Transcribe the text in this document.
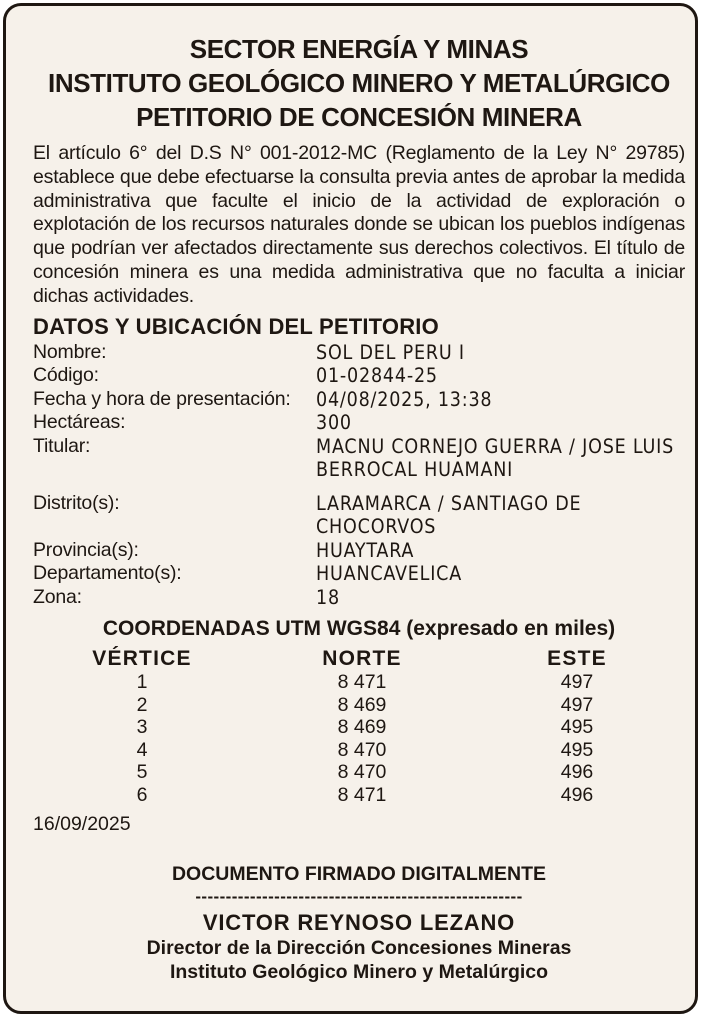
SECTOR ENERGÍA Y MINAS
INSTITUTO GEOLÓGICO MINERO Y METALÚRGICO
PETITORIO DE CONCESIÓN MINERA
El artículo 6° del D.S N° 001-2012-MC (Reglamento de la Ley N° 29785) establece que debe efectuarse la consulta previa antes de aprobar la medida administrativa que faculte el inicio de la actividad de exploración o explotación de los recursos naturales donde se ubican los pueblos indígenas que podrían ver afectados directamente sus derechos colectivos. El título de concesión minera es una medida administrativa que no faculta a iniciar dichas actividades.
DATOS Y UBICACIÓN DEL PETITORIO
Nombre:	SOL DEL PERU I
Código:	01-02844-25
Fecha y hora de presentación:	04/08/2025, 13:38
Hectáreas:	300
Titular:	MACNU CORNEJO GUERRA / JOSE LUIS BERROCAL HUAMANI
Distrito(s):	LARAMARCA / SANTIAGO DE CHOCORVOS
Provincia(s):	HUAYTARA
Departamento(s):	HUANCAVELICA
Zona:	18
COORDENADAS UTM WGS84 (expresado en miles)
VÉRTICE	NORTE	ESTE
1	8 471	497
2	8 469	497
3	8 469	495
4	8 470	495
5	8 470	496
6	8 471	496
16/09/2025
DOCUMENTO FIRMADO DIGITALMENTE
------------------------------------------------------
VICTOR REYNOSO LEZANO
Director de la Dirección Concesiones Mineras
Instituto Geológico Minero y Metalúrgico
